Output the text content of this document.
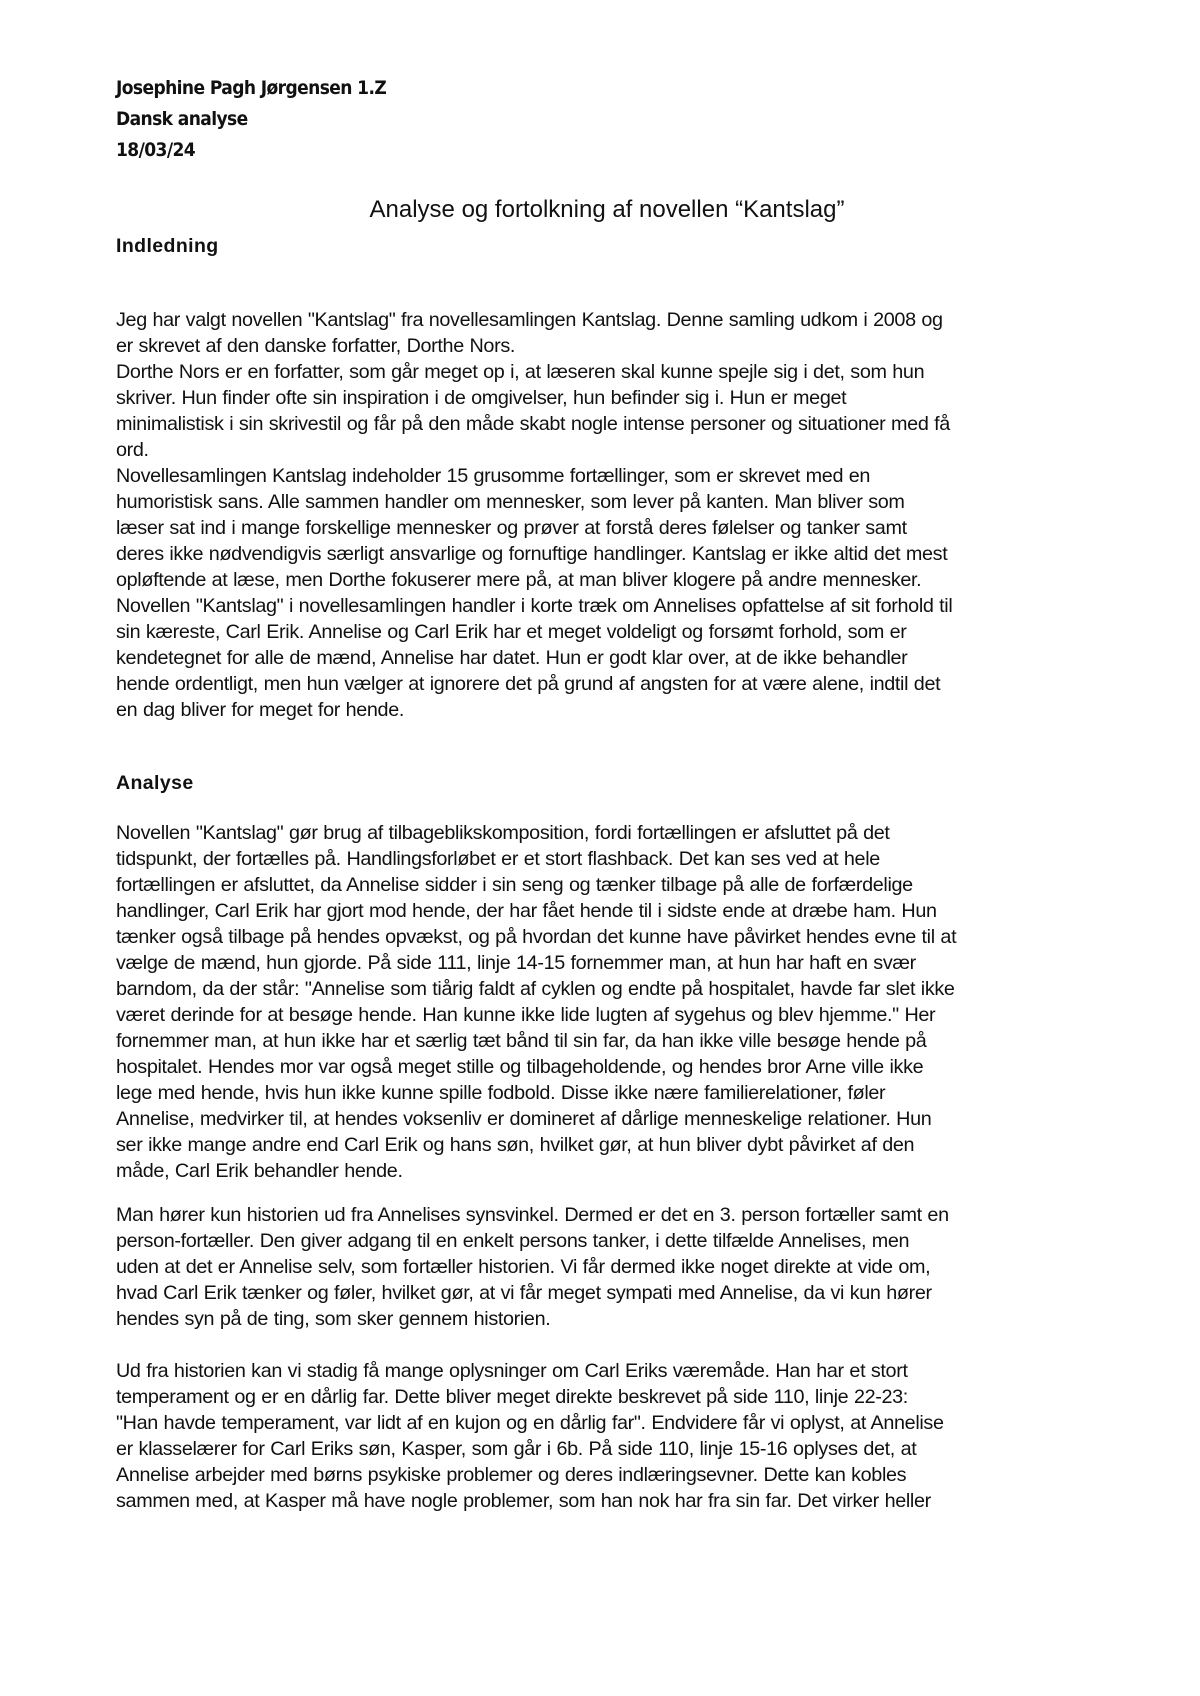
Josephine Pagh Jørgensen 1.Z
Dansk analyse
18/03/24
Analyse og fortolkning af novellen “Kantslag”
Indledning

Jeg har valgt novellen "Kantslag" fra novellesamlingen Kantslag. Denne samling udkom i 2008 og

er skrevet af den danske forfatter, Dorthe Nors.

Dorthe Nors er en forfatter, som går meget op i, at læseren skal kunne spejle sig i det, som hun

skriver. Hun finder ofte sin inspiration i de omgivelser, hun befinder sig i. Hun er meget

minimalistisk i sin skrivestil og får på den måde skabt nogle intense personer og situationer med få

ord.

Novellesamlingen Kantslag indeholder 15 grusomme fortællinger, som er skrevet med en

humoristisk sans. Alle sammen handler om mennesker, som lever på kanten. Man bliver som

læser sat ind i mange forskellige mennesker og prøver at forstå deres følelser og tanker samt

deres ikke nødvendigvis særligt ansvarlige og fornuftige handlinger. Kantslag er ikke altid det mest

opløftende at læse, men Dorthe fokuserer mere på, at man bliver klogere på andre mennesker.

Novellen "Kantslag" i novellesamlingen handler i korte træk om Annelises opfattelse af sit forhold til

sin kæreste, Carl Erik. Annelise og Carl Erik har et meget voldeligt og forsømt forhold, som er

kendetegnet for alle de mænd, Annelise har datet. Hun er godt klar over, at de ikke behandler

hende ordentligt, men hun vælger at ignorere det på grund af angsten for at være alene, indtil det

en dag bliver for meget for hende.

Analyse

Novellen "Kantslag" gør brug af tilbageblikskomposition, fordi fortællingen er afsluttet på det

tidspunkt, der fortælles på. Handlingsforløbet er et stort flashback. Det kan ses ved at hele

fortællingen er afsluttet, da Annelise sidder i sin seng og tænker tilbage på alle de forfærdelige

handlinger, Carl Erik har gjort mod hende, der har fået hende til i sidste ende at dræbe ham. Hun

tænker også tilbage på hendes opvækst, og på hvordan det kunne have påvirket hendes evne til at

vælge de mænd, hun gjorde. På side 111, linje 14-15 fornemmer man, at hun har haft en svær

barndom, da der står: "Annelise som tiårig faldt af cyklen og endte på hospitalet, havde far slet ikke

været derinde for at besøge hende. Han kunne ikke lide lugten af sygehus og blev hjemme." Her

fornemmer man, at hun ikke har et særlig tæt bånd til sin far, da han ikke ville besøge hende på

hospitalet. Hendes mor var også meget stille og tilbageholdende, og hendes bror Arne ville ikke

lege med hende, hvis hun ikke kunne spille fodbold. Disse ikke nære familierelationer, føler

Annelise, medvirker til, at hendes voksenliv er domineret af dårlige menneskelige relationer. Hun

ser ikke mange andre end Carl Erik og hans søn, hvilket gør, at hun bliver dybt påvirket af den

måde, Carl Erik behandler hende.

Man hører kun historien ud fra Annelises synsvinkel. Dermed er det en 3. person fortæller samt en

person-fortæller. Den giver adgang til en enkelt persons tanker, i dette tilfælde Annelises, men

uden at det er Annelise selv, som fortæller historien. Vi får dermed ikke noget direkte at vide om,

hvad Carl Erik tænker og føler, hvilket gør, at vi får meget sympati med Annelise, da vi kun hører

hendes syn på de ting, som sker gennem historien.

Ud fra historien kan vi stadig få mange oplysninger om Carl Eriks væremåde. Han har et stort

temperament og er en dårlig far. Dette bliver meget direkte beskrevet på side 110, linje 22-23:

"Han havde temperament, var lidt af en kujon og en dårlig far". Endvidere får vi oplyst, at Annelise

er klasselærer for Carl Eriks søn, Kasper, som går i 6b. På side 110, linje 15-16 oplyses det, at

Annelise arbejder med børns psykiske problemer og deres indlæringsevner. Dette kan kobles

sammen med, at Kasper må have nogle problemer, som han nok har fra sin far. Det virker heller
